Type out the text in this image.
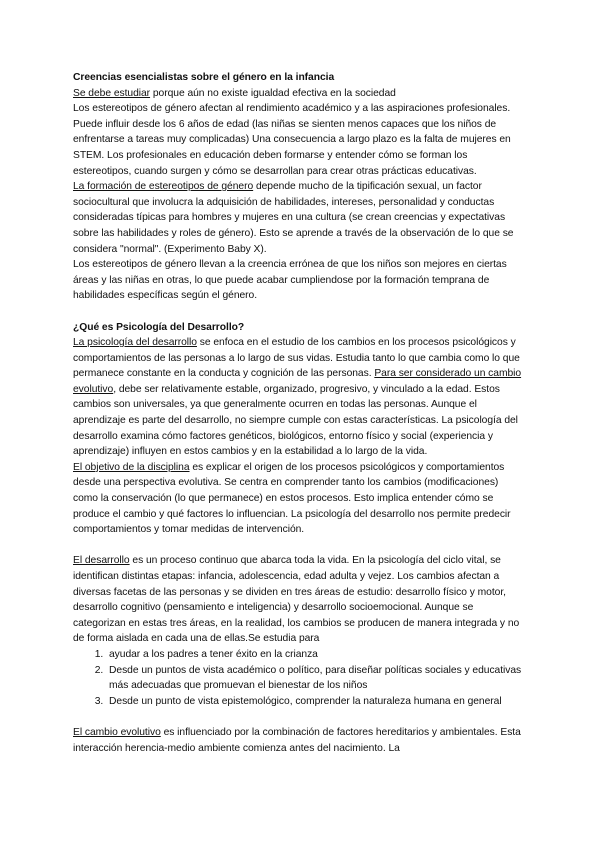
Creencias esencialistas sobre el género en la infancia

Se debe estudiar porque aún no existe igualdad efectiva en la sociedad

Los estereotipos de género afectan al rendimiento académico y a las aspiraciones profesionales. Puede influir desde los 6 años de edad (las niñas se sienten menos capaces que los niños de enfrentarse a tareas muy complicadas) Una consecuencia a largo plazo es la falta de mujeres en STEM. Los profesionales en educación deben formarse y entender cómo se forman los estereotipos, cuando surgen y cómo se desarrollan para crear otras prácticas educativas.

La formación de estereotipos de género depende mucho de la tipificación sexual, un factor sociocultural que involucra la adquisición de habilidades, intereses, personalidad y conductas consideradas típicas para hombres y mujeres en una cultura (se crean creencias y expectativas sobre las habilidades y roles de género). Esto se aprende a través de la observación de lo que se considera "normal". (Experimento Baby X).

Los estereotipos de género llevan a la creencia errónea de que los niños son mejores en ciertas áreas y las niñas en otras, lo que puede acabar cumpliendose por la formación temprana de habilidades específicas según el género.

¿Qué es Psicología del Desarrollo?

La psicología del desarrollo se enfoca en el estudio de los cambios en los procesos psicológicos y comportamientos de las personas a lo largo de sus vidas. Estudia tanto lo que cambia como lo que permanece constante en la conducta y cognición de las personas. Para ser considerado un cambio evolutivo, debe ser relativamente estable, organizado, progresivo, y vinculado a la edad. Estos cambios son universales, ya que generalmente ocurren en todas las personas. Aunque el aprendizaje es parte del desarrollo, no siempre cumple con estas características. La psicología del desarrollo examina cómo factores genéticos, biológicos, entorno físico y social (experiencia y aprendizaje) influyen en estos cambios y en la estabilidad a lo largo de la vida.

El objetivo de la disciplina es explicar el origen de los procesos psicológicos y comportamientos desde una perspectiva evolutiva. Se centra en comprender tanto los cambios (modificaciones) como la conservación (lo que permanece) en estos procesos. Esto implica entender cómo se produce el cambio y qué factores lo influencian. La psicología del desarrollo nos permite predecir comportamientos y tomar medidas de intervención.

El desarrollo es un proceso continuo que abarca toda la vida. En la psicología del ciclo vital, se identifican distintas etapas: infancia, adolescencia, edad adulta y vejez. Los cambios afectan a diversas facetas de las personas y se dividen en tres áreas de estudio: desarrollo físico y motor, desarrollo cognitivo (pensamiento e inteligencia) y desarrollo socioemocional. Aunque se categorizan en estas tres áreas, en la realidad, los cambios se producen de manera integrada y no de forma aislada en cada una de ellas.Se estudia para

1. ayudar a los padres a tener éxito en la crianza
2. Desde un puntos de vista académico o político, para diseñar políticas sociales y educativas más adecuadas que promuevan el bienestar de los niños
3. Desde un punto de vista epistemológico, comprender la naturaleza humana en general

El cambio evolutivo es influenciado por la combinación de factores hereditarios y ambientales. Esta interacción herencia-medio ambiente comienza antes del nacimiento. La
